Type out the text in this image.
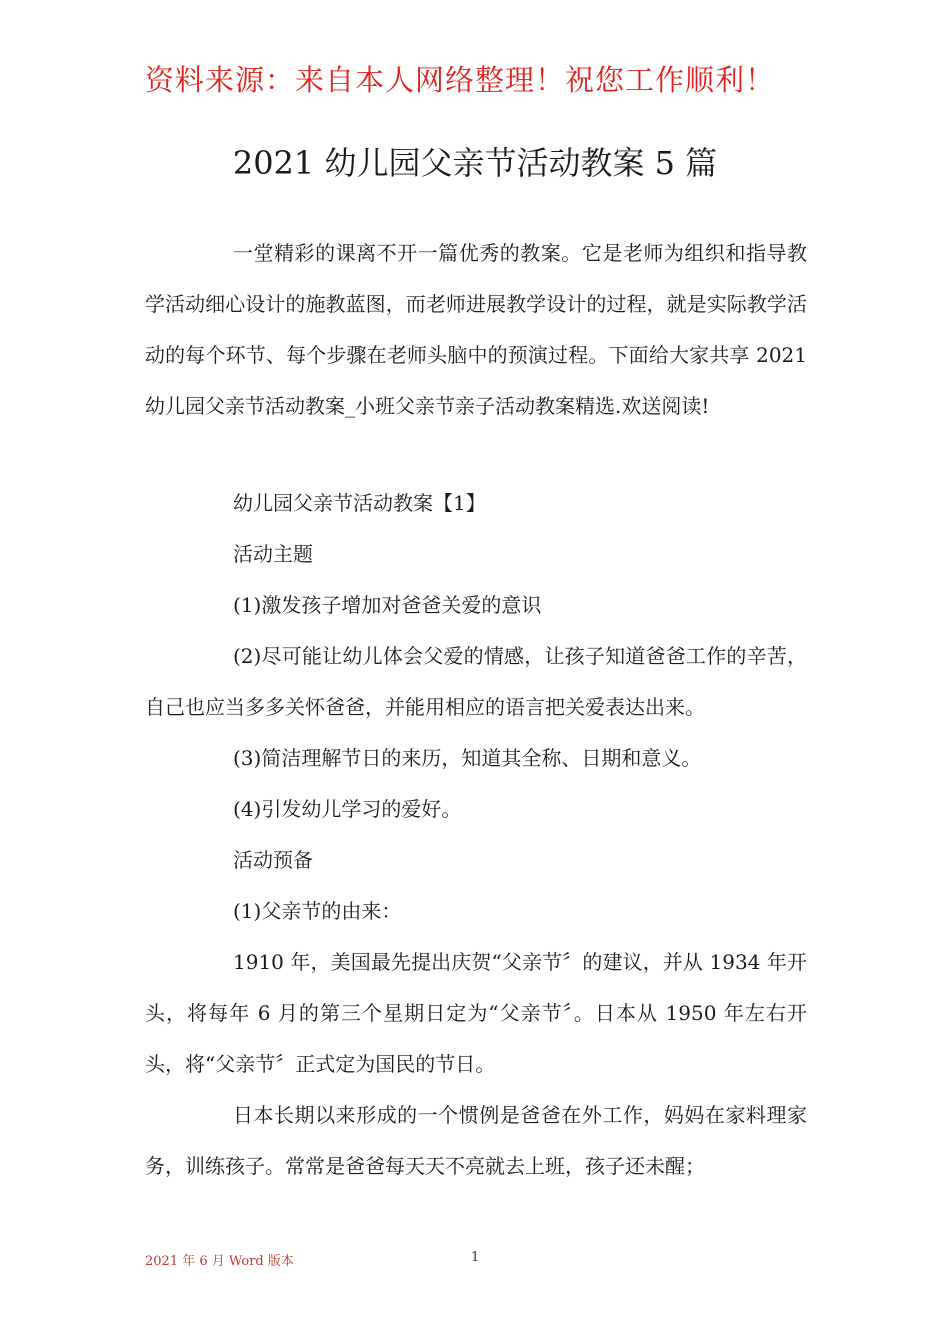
资料来源：来自本人网络整理！祝您工作顺利！
2021 幼儿园父亲节活动教案 5 篇

一堂精彩的课离不开一篇优秀的教案。它是老师为组织和指导教学活动细心设计的施教蓝图，而老师进展教学设计的过程，就是实际教学活动的每个环节、每个步骤在老师头脑中的预演过程。下面给大家共享 2021 幼儿园父亲节活动教案_小班父亲节亲子活动教案精选.欢送阅读!

幼儿园父亲节活动教案【1】

活动主题

(1)激发孩子增加对爸爸关爱的意识

(2)尽可能让幼儿体会父爱的情感，让孩子知道爸爸工作的辛苦，自己也应当多多关怀爸爸，并能用相应的语言把关爱表达出来。

(3)简洁理解节日的来历，知道其全称、日期和意义。

(4)引发幼儿学习的爱好。

活动预备

(1)父亲节的由来：

1910 年，美国最先提出庆贺“父亲节〞的建议，并从 1934 年开头，将每年 6 月的第三个星期日定为“父亲节〞。日本从 1950 年左右开头，将“父亲节〞正式定为国民的节日。

日本长期以来形成的一个惯例是爸爸在外工作，妈妈在家料理家务，训练孩子。常常是爸爸每天天不亮就去上班，孩子还未醒；

2021 年 6 月 Word 版本	1
